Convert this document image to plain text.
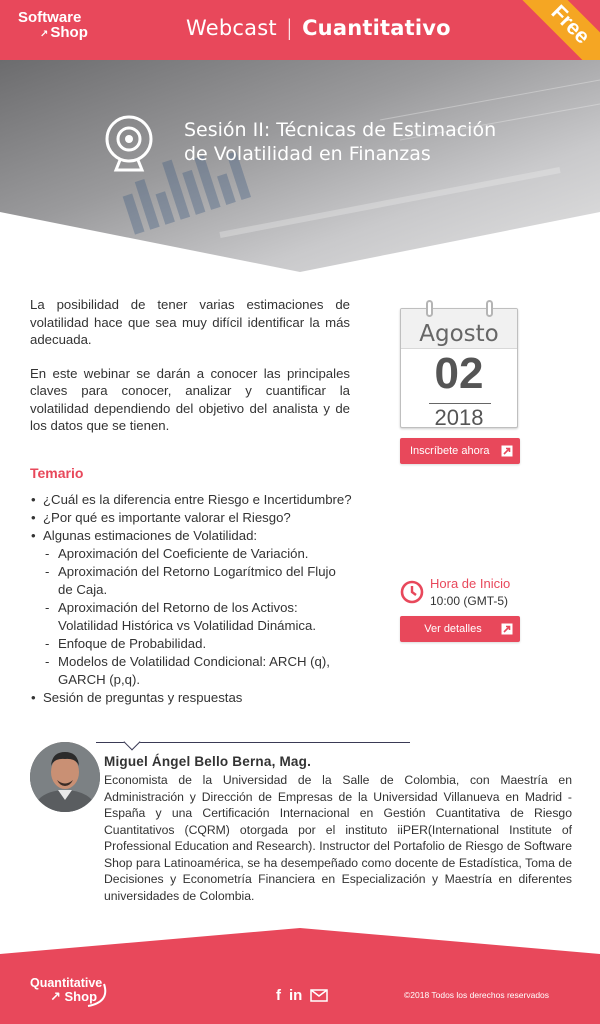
Software
↗ Shop	Webcast | Cuantitativo	Free
Sesión II: Técnicas de Estimación
de Volatilidad en Finanzas

La posibilidad de tener varias estimaciones de volatilidad hace que sea muy difícil identificar la más adecuada.

En este webinar se darán a conocer las principales claves para conocer, analizar y cuantificar la volatilidad dependiendo del objetivo del analista y de los datos que se tienen.

Agosto
02
2018
Inscríbete ahora
Temario
• ¿Cuál es la diferencia entre Riesgo e Incertidumbre?
• ¿Por qué es importante valorar el Riesgo?
• Algunas estimaciones de Volatilidad:
- Aproximación del Coeficiente de Variación.
- Aproximación del Retorno Logarítmico del Flujo de Caja.
- Aproximación del Retorno de los Activos: Volatilidad Histórica vs Volatilidad Dinámica.
- Enfoque de Probabilidad.
- Modelos de Volatilidad Condicional: ARCH (q), GARCH (p,q).
• Sesión de preguntas y respuestas
Hora de Inicio
10:00 (GMT-5)
Ver detalles
Miguel Ángel Bello Berna, Mag.
Economista de la Universidad de la Salle de Colombia, con Maestría en Administración y Dirección de Empresas de la Universidad Villanueva en Madrid - España y una Certificación Internacional en Gestión Cuantitativa de Riesgo Cuantitativos (CQRM) otorgada por el instituto iiPER(International Institute of Professional Education and Research). Instructor del Portafolio de Riesgo de Software Shop para Latinoamérica, se ha desempeñado como docente de Estadística, Toma de Decisiones y Econometría Financiera en Especialización y Maestría en diferentes universidades de Colombia.
Quantitative
↗ Shop	f in	©2018 Todos los derechos reservados
